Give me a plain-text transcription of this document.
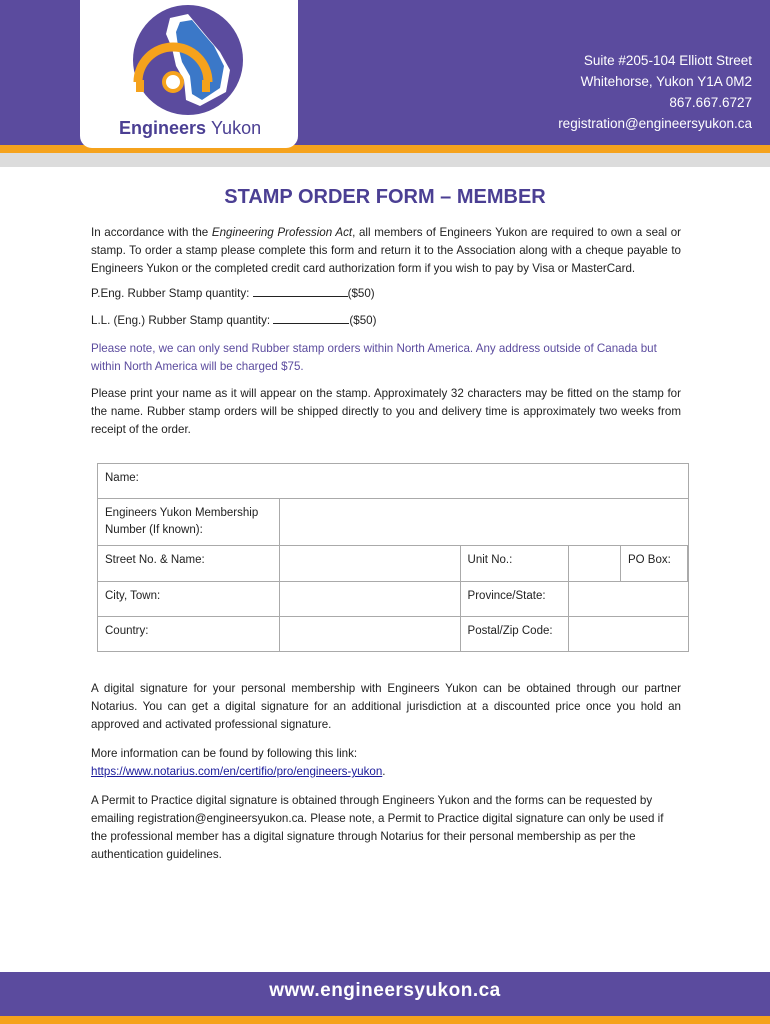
Engineers Yukon
Suite #205-104 Elliott Street
Whitehorse, Yukon Y1A 0M2
867.667.6727
registration@engineersyukon.ca
STAMP ORDER FORM – MEMBER

In accordance with the Engineering Profession Act, all members of Engineers Yukon are required to own a seal or stamp. To order a stamp please complete this form and return it to the Association along with a cheque payable to Engineers Yukon or the completed credit card authorization form if you wish to pay by Visa or MasterCard.

P.Eng. Rubber Stamp quantity:	($50)

L.L. (Eng.) Rubber Stamp quantity:	($50)

Please note, we can only send Rubber stamp orders within North America. Any address outside of Canada but within North America will be charged $75.

Please print your name as it will appear on the stamp. Approximately 32 characters may be fitted on the stamp for the name. Rubber stamp orders will be shipped directly to you and delivery time is approximately two weeks from receipt of the order.

Name:				
Engineers Yukon Membership Number (If known):				
Street No. & Name:		Unit No.:		PO Box:

City, Town:		Province/State:		
Country:		Postal/Zip Code:		

A digital signature for your personal membership with Engineers Yukon can be obtained through our partner Notarius. You can get a digital signature for an additional jurisdiction at a discounted price once you hold an approved and activated professional signature.

More information can be found by following this link:

https://www.notarius.com/en/certifio/pro/engineers-yukon.

A Permit to Practice digital signature is obtained through Engineers Yukon and the forms can be requested by emailing registration@engineersyukon.ca. Please note, a Permit to Practice digital signature can only be used if the professional member has a digital signature through Notarius for their personal membership as per the authentication guidelines.

www.engineersyukon.ca
